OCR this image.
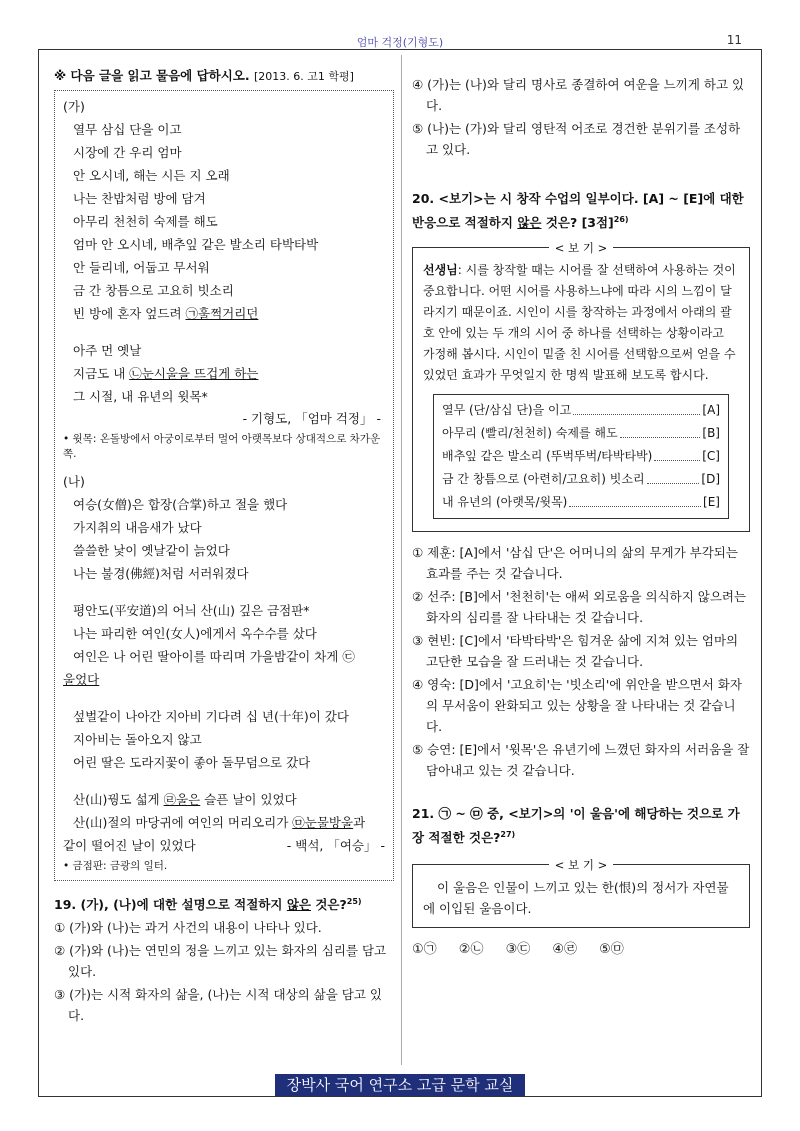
엄마 걱정(기형도)	11
※ 다음 글을 읽고 물음에 답하시오. [2013. 6. 고1 학평]
(가)
열무 삼십 단을 이고
시장에 간 우리 엄마
안 오시네, 해는 시든 지 오래
나는 찬밥처럼 방에 담겨
아무리 천천히 숙제를 해도
엄마 안 오시네, 배추잎 같은 발소리 타박타박
안 들리네, 어둡고 무서워
금 간 창틈으로 고요히 빗소리
빈 방에 혼자 엎드려 ㉠훌쩍거리던
아주 먼 옛날
지금도 내 ㉡눈시울을 뜨겁게 하는
그 시절, 내 유년의 윗목*
- 기형도, 「엄마 걱정」 -
• 윗목: 온돌방에서 아궁이로부터 멀어 아랫목보다 상대적으로 차가운 쪽.
(나)
여승(女僧)은 합장(合掌)하고 절을 했다
가지취의 내음새가 났다
쓸쓸한 낯이 옛날같이 늙었다
나는 불경(佛經)처럼 서러워졌다
평안도(平安道)의 어늬 산(山) 깊은 금점판*
나는 파리한 여인(女人)에게서 옥수수를 샀다
여인은 나 어린 딸아이를 따리며 가을밤같이 차게 ㉢
울었다
섶벌같이 나아간 지아비 기다려 십 년(十年)이 갔다
지아비는 돌아오지 않고
어린 딸은 도라지꽃이 좋아 돌무덤으로 갔다
산(山)꿩도 섧게 ㉣울은 슬픈 날이 있었다
산(山)절의 마당귀에 여인의 머리오리가 ㉤눈물방울과
같이 떨어진 날이 있었다	- 백석, 「여승」 -
• 금점판: 금광의 일터.
19. (가), (나)에 대한 설명으로 적절하지 않은 것은?$^{25)}$
① (가)와 (나)는 과거 사건의 내용이 나타나 있다.
② (가)와 (나)는 연민의 정을 느끼고 있는 화자의 심리를 담고 있다.
③ (가)는 시적 화자의 삶을, (나)는 시적 대상의 삶을 담고 있다.
④ (가)는 (나)와 달리 명사로 종결하여 여운을 느끼게 하고 있다.
⑤ (나)는 (가)와 달리 영탄적 어조로 경건한 분위기를 조성하고 있다.
20. <보기>는 시 창작 수업의 일부이다. [A] ~ [E]에 대한 반응으로 적절하지 않은 것은? [3점]$^{26)}$
< 보 기 >
선생님: 시를 창작할 때는 시어를 잘 선택하여 사용하는 것이 중요합니다. 어떤 시어를 사용하느냐에 따라 시의 느낌이 달라지기 때문이죠. 시인이 시를 창작하는 과정에서 아래의 괄호 안에 있는 두 개의 시어 중 하나를 선택하는 상황이라고 가정해 봅시다. 시인이 밑줄 친 시어를 선택함으로써 얻을 수 있었던 효과가 무엇일지 한 명씩 발표해 보도록 합시다.
열무 (단/삼십 단)을 이고	[A]
아무리 (빨리/천천히) 숙제를 해도	[B]
배추잎 같은 발소리 (뚜벅뚜벅/타박타박)	[C]
금 간 창틈으로 (아련히/고요히) 빗소리	[D]
내 유년의 (아랫목/윗목)	[E]
① 제훈: [A]에서 '삼십 단'은 어머니의 삶의 무게가 부각되는 효과를 주는 것 같습니다.
② 선주: [B]에서 '천천히'는 애써 외로움을 의식하지 않으려는 화자의 심리를 잘 나타내는 것 같습니다.
③ 현빈: [C]에서 '타박타박'은 힘겨운 삶에 지쳐 있는 엄마의 고단한 모습을 잘 드러내는 것 같습니다.
④ 영숙: [D]에서 '고요히'는 '빗소리'에 위안을 받으면서 화자의 무서움이 완화되고 있는 상황을 잘 나타내는 것 같습니다.
⑤ 승연: [E]에서 '윗목'은 유년기에 느꼈던 화자의 서러움을 잘 담아내고 있는 것 같습니다.
21. ㉠ ~ ㉤ 중, <보기>의 '이 울음'에 해당하는 것으로 가장 적절한 것은?$^{27)}$
< 보 기 >
이 울음은 인물이 느끼고 있는 한(恨)의 정서가 자연물에 이입된 울음이다.
①㉠ ②㉡ ③㉢ ④㉣ ⑤㉤
장박사 국어 연구소 고급 문학 교실
